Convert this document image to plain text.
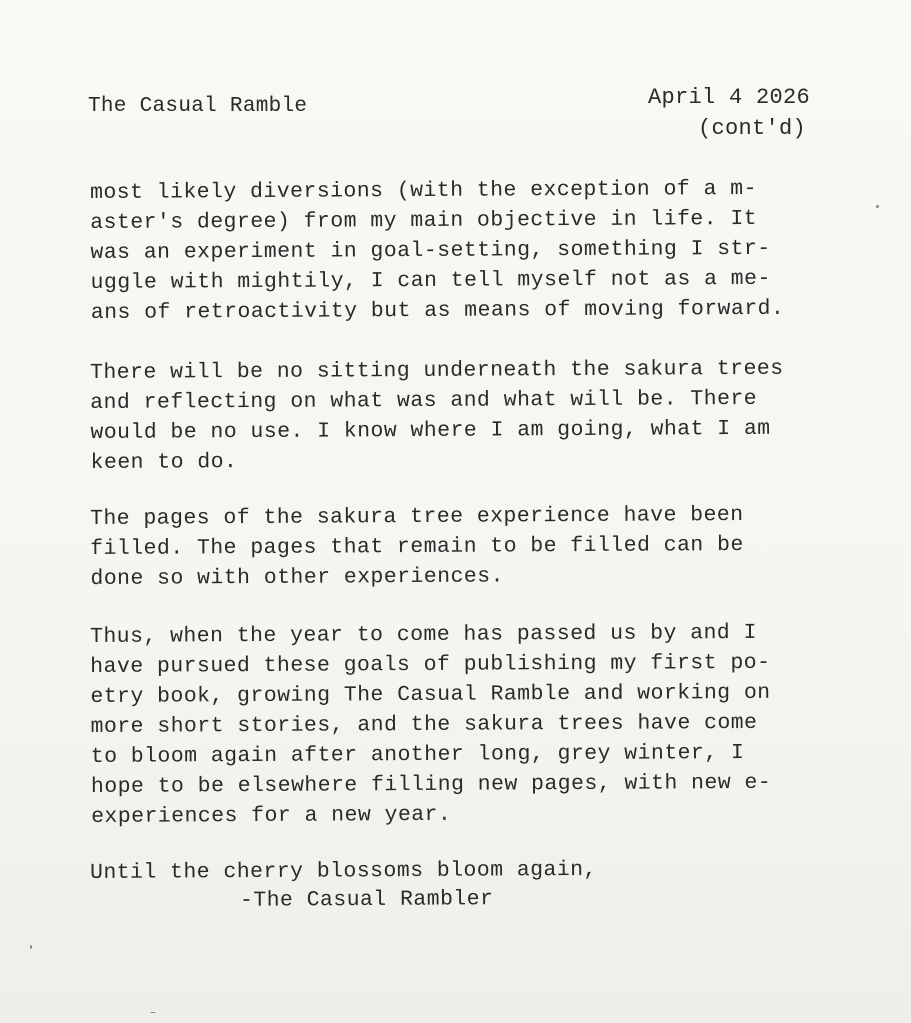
The Casual Ramble	April 4 2026
(cont'd)
most likely diversions (with the exception of a m-
aster's degree) from my main objective in life. It
was an experiment in goal-setting, something I str-
uggle with mightily, I can tell myself not as a me-
ans of retroactivity but as means of moving forward.
There will be no sitting underneath the sakura trees
and reflecting on what was and what will be. There
would be no use. I know where I am going, what I am
keen to do.
The pages of the sakura tree experience have been
filled. The pages that remain to be filled can be
done so with other experiences.
Thus, when the year to come has passed us by and I
have pursued these goals of publishing my first po-
etry book, growing The Casual Ramble and working on
more short stories, and the sakura trees have come
to bloom again after another long, grey winter, I
hope to be elsewhere filling new pages, with new e-
experiences for a new year.
Until the cherry blossoms bloom again,
-The Casual Rambler
